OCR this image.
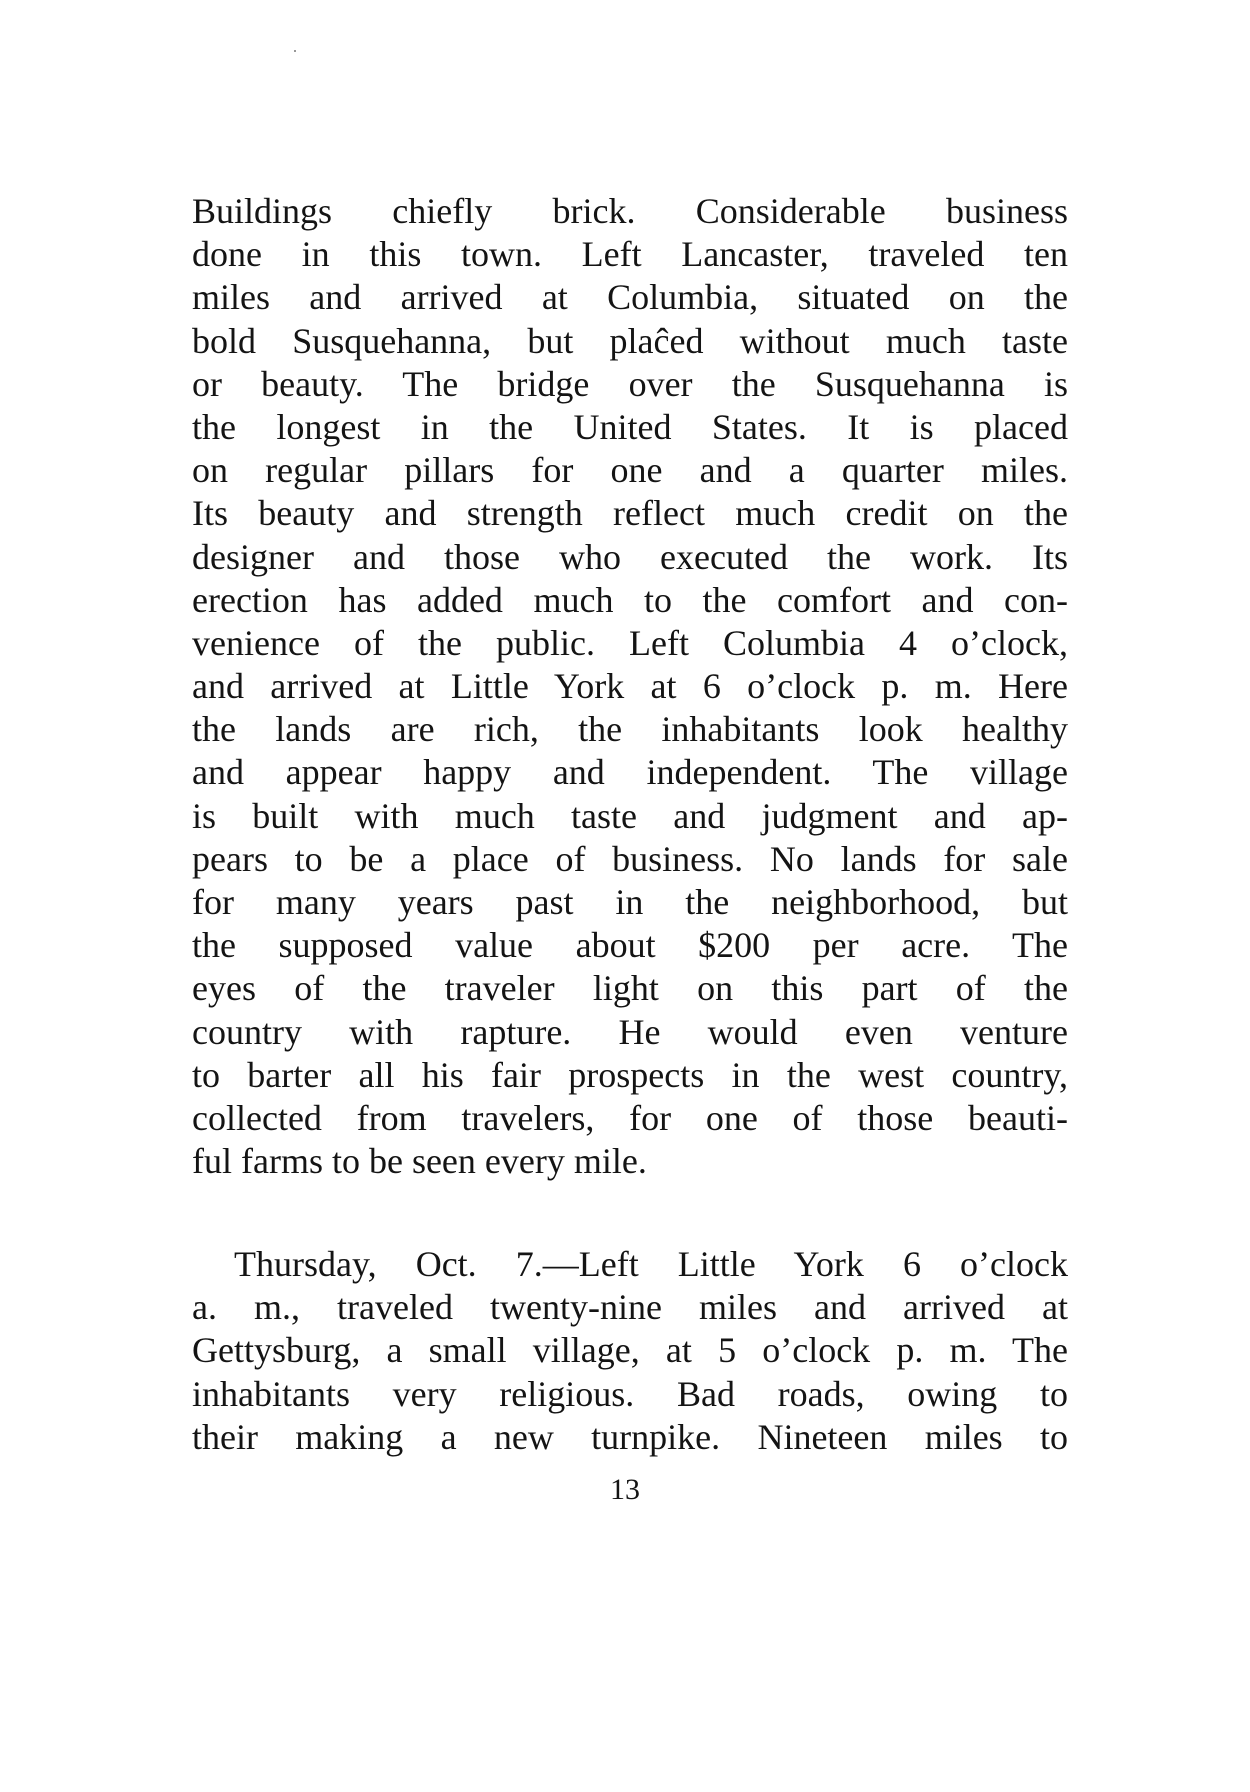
Buildings chiefly brick. Considerable business
done in this town. Left Lancaster, traveled ten
miles and arrived at Columbia, situated on the
bold Susquehanna, but plaĉed without much taste
or beauty. The bridge over the Susquehanna is
the longest in the United States. It is placed
on regular pillars for one and a quarter miles.
Its beauty and strength reflect much credit on the
designer and those who executed the work. Its
erection has added much to the comfort and con-
venience of the public. Left Columbia 4 o’clock,
and arrived at Little York at 6 o’clock p. m. Here
the lands are rich, the inhabitants look healthy
and appear happy and independent. The village
is built with much taste and judgment and ap-
pears to be a place of business. No lands for sale
for many years past in the neighborhood, but
the supposed value about $200 per acre. The
eyes of the traveler light on this part of the
country with rapture. He would even venture
to barter all his fair prospects in the west country,
collected from travelers, for one of those beauti-
ful farms to be seen every mile.
Thursday, Oct. 7.—Left Little York 6 o’clock
a. m., traveled twenty-nine miles and arrived at
Gettysburg, a small village, at 5 o’clock p. m. The
inhabitants very religious. Bad roads, owing to
their making a new turnpike. Nineteen miles to
13
